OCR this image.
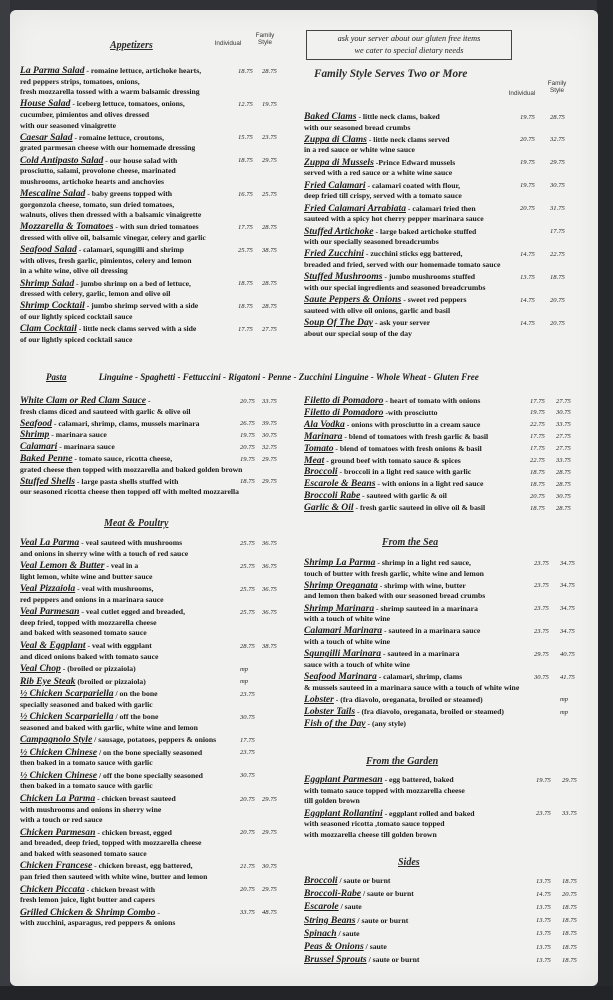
Appetizers	Individual
Family Style	ask your server about our gluten free items
we cater to special dietary needs
Family Style Serves Two or More
Individual
Family Style
La Parma Salad - romaine lettuce, artichoke hearts,
red peppers strips, tomatoes, onions,
fresh mozzarella tossed with a warm balsamic dressing
18.75 28.75
House Salad - iceberg lettuce, tomatoes, onions,
cucumber, pimientos and olives dressed
with our seasoned vinaigrette
12.75 19.75
Caesar Salad - romaine lettuce, croutons,
grated parmesan cheese with our homemade dressing
15.75 23.75
Cold Antipasto Salad - our house salad with
prosciutto, salami, provolone cheese, marinated
mushrooms, artichoke hearts and anchovies
18.75 29.75
Mescaline Salad - baby greens topped with
gorgonzola cheese, tomato, sun dried tomatoes,
walnuts, olives then dressed with a balsamic vinaigrette
16.75 25.75
Mozzarella & Tomatoes - with sun dried tomatoes
dressed with olive oil, balsamic vinegar, celery and garlic
17.75 28.75
Seafood Salad - calamari, squngilli and shrimp
with olives, fresh garlic, pimientos, celery and lemon
in a white wine, olive oil dressing
25.75 38.75
Shrimp Salad - jumbo shrimp on a bed of lettuce,
dressed with celery, garlic, lemon and olive oil
18.75 28.75
Shrimp Cocktail - jumbo shrimp served with a side
of our lightly spiced cocktail sauce
18.75 28.75
Clam Cocktail - little neck clams served with a side
of our lightly spiced cocktail sauce
17.75 27.75
Baked Clams - little neck clams, baked
with our seasoned bread crumbs
19.75 28.75
Zuppa di Clams - little neck clams served
in a red sauce or white wine sauce
20.75 32.75
Zuppa di Mussels -Prince Edward mussels
served with a red sauce or a white wine sauce
19.75 29.75
Fried Calamari - calamari coated with flour,
deep fried till crispy, served with a tomato sauce
19.75 30.75
Fried Calamari Arrabiata - calamari fried then
sauteed with a spicy hot cherry pepper marinara sauce
20.75 31.75
Stuffed Artichoke - large baked artichoke stuffed
with our specially seasoned breadcrumbs
17.75
Fried Zucchini - zucchini sticks egg battered,
breaded and fried, served with our homemade tomato sauce
14.75 22.75
Stuffed Mushrooms - jumbo mushrooms stuffed
with our special ingredients and seasoned breadcrumbs
13.75 18.75
Saute Peppers & Onions - sweet red peppers
sauteed with olive oil onions, garlic and basil
14.75 20.75
Soup Of The Day - ask your server
about our special soup of the day
14.75 20.75
Pasta	Linguine - Spaghetti - Fettuccini - Rigatoni - Penne - Zucchini Linguine - Whole Wheat - Gluten Free
White Clam or Red Clam Sauce -
fresh clams diced and sauteed with garlic & olive oil
20.75 33.75
Seafood - calamari, shrimp, clams, mussels marinara	26.75 39.75
Shrimp - marinara sauce	19.75 30.75
Calamari - marinara sauce	20.75 32.75
Baked Penne - tomato sauce, ricotta cheese,
grated cheese then topped with mozzarella and baked golden brown
19.75 29.75
Stuffed Shells - large pasta shells stuffed with
our seasoned ricotta cheese then topped off with melted mozzarella
18.75 29.75
Filetto di Pomadoro - heart of tomato with onions	17.75 27.75
Filetto di Pomadoro -with prosciutto	19.75 30.75
Ala Vodka - onions with prosciutto in a cream sauce	22.75 33.75
Marinara - blend of tomatoes with fresh garlic & basil	17.75 27.75
Tomato - blend of tomatoes with fresh onions & basil	17.75 27.75
Meat - ground beef with tomato sauce & spices	22.75 33.75
Broccoli - broccoli in a light red sauce with garlic	18.75 28.75
Escarole & Beans - with onions in a light red sauce	18.75 28.75
Broccoli Rabe - sauteed with garlic & oil	20.75 30.75
Garlic & Oil - fresh garlic sauteed in olive oil & basil	18.75 28.75
Meat & Poultry
Veal La Parma - veal sauteed with mushrooms
and onions in sherry wine with a touch of red sauce
25.75 36.75
Veal Lemon & Butter - veal in a
light lemon, white wine and butter sauce
25.75 36.75
Veal Pizzaiola - veal with mushrooms,
red peppers and onions in a marinara sauce
25.75 36.75
Veal Parmesan - veal cutlet egged and breaded,
deep fried, topped with mozzarella cheese
and baked with seasoned tomato sauce
25.75 36.75
Veal & Eggplant - veal with eggplant
and diced onions baked with tomato sauce
28.75 38.75
Veal Chop - (broiled or pizzaiola)	mp
Rib Eye Steak (broiled or pizzaiola)	mp
½ Chicken Scarpariella / on the bone
specially seasoned and baked with garlic
23.75
½ Chicken Scarpariella / off the bone
seasoned and baked with garlic, white wine and lemon
30.75
Campagnolo Style / sausage, potatoes, peppers & onions	17.75
½ Chicken Chinese / on the bone specially seasoned
then baked in a tomato sauce with garlic
23.75
½ Chicken Chinese / off the bone specially seasoned
then baked in a tomato sauce with garlic
30.75
Chicken La Parma - chicken breast sauteed
with mushrooms and onions in sherry wine
with a touch or red sauce
20.75 29.75
Chicken Parmesan - chicken breast, egged
and breaded, deep fried, topped with mozzarella cheese
and baked with seasoned tomato sauce
20.75 29.75
Chicken Francese - chicken breast, egg battered,
pan fried then sauteed with white wine, butter and lemon
21.75 30.75
Chicken Piccata - chicken breast with
fresh lemon juice, light butter and capers
20.75 29.75
Grilled Chicken & Shrimp Combo -
with zucchini, asparagus, red peppers & onions
33.75 48.75
From the Sea
Shrimp La Parma - shrimp in a light red sauce,
touch of butter with fresh garlic, white wine and lemon
23.75 34.75
Shrimp Oreganata - shrimp with wine, butter
and lemon then baked with our seasoned bread crumbs
23.75 34.75
Shrimp Marinara - shrimp sauteed in a marinara
with a touch of white wine
23.75 34.75
Calamari Marinara - sauteed in a marinara sauce
with a touch of white wine
23.75 34.75
Squngilli Marinara - sauteed in a marinara
sauce with a touch of white wine
29.75 40.75
Seafood Marinara - calamari, shrimp, clams
& mussels sauteed in a marinara sauce with a touch of white wine
30.75 41.75
Lobster - (fra diavolo, oreganata, broiled or steamed)	mp
Lobster Tails - (fra diavolo, oreganata, broiled or steamed)	mp
Fish of the Day - (any style)
From the Garden
Eggplant Parmesan - egg battered, baked
with tomato sauce topped with mozzarella cheese
till golden brown
19.75 29.75
Eggplant Rollantini - eggplant rolled and baked
with seasoned ricotta ,tomato sauce topped
with mozzarella cheese till golden brown
23.75 33.75
Sides
Broccoli / saute or burnt	13.75 18.75
Broccoli-Rabe / saute or burnt	14.75 20.75
Escarole / saute	13.75 18.75
String Beans / saute or burnt	13.75 18.75
Spinach / saute	13.75 18.75
Peas & Onions / saute	13.75 18.75
Brussel Sprouts / saute or burnt	13.75 18.75
